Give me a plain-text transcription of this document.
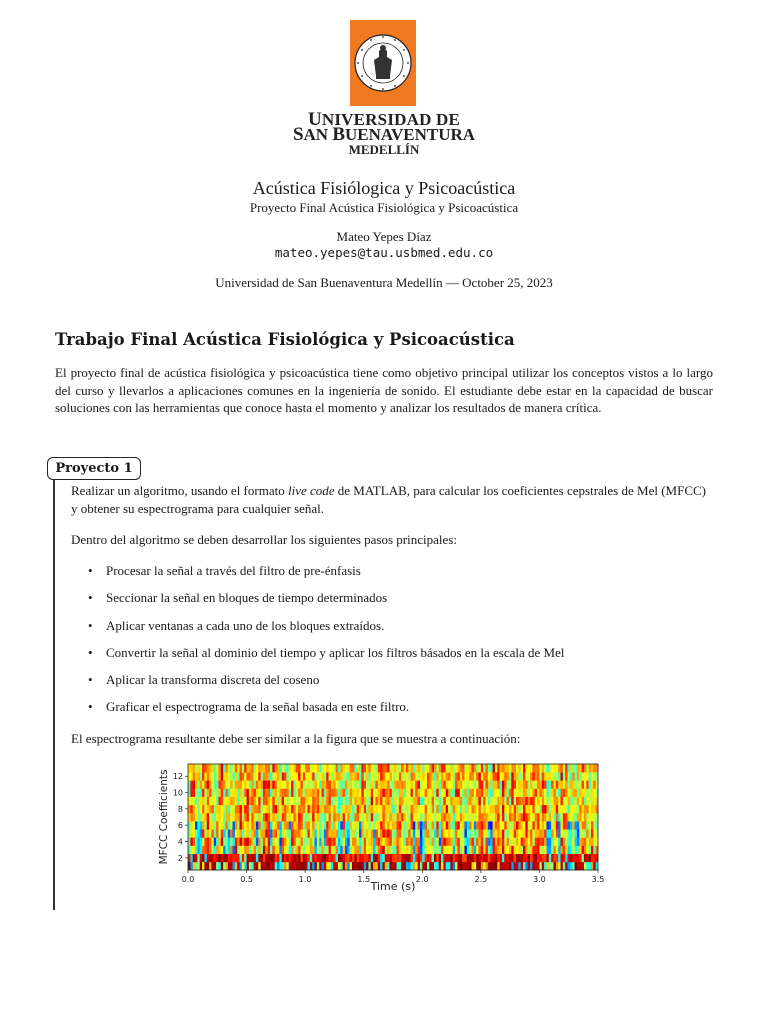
UNIVERSIDAD DE
SAN BUENAVENTURA
MEDELLÍN
Acústica Fisiólogica y Psicoacústica
Proyecto Final Acústica Fisiológica y Psicoacústica
Mateo Yepes Díaz
mateo.yepes@tau.usbmed.edu.co
Universidad de San Buenaventura Medellín — October 25, 2023
Trabajo Final Acústica Fisiológica y Psicoacústica
El proyecto final de acústica fisiológica y psicoacústica tiene como objetivo principal utilizar los conceptos vistos a lo largo del curso y llevarlos a aplicaciones comunes en la ingeniería de sonido. El estudiante debe estar en la capacidad de buscar soluciones con las herramientas que conoce hasta el momento y analizar los resultados de manera crítica.
Proyecto 1
Realizar un algoritmo, usando el formato live code de MATLAB, para calcular los coeficientes cepstrales de Mel (MFCC) y obtener su espectrograma para cualquier señal.
Dentro del algoritmo se deben desarrollar los siguientes pasos principales:
• Procesar la señal a través del filtro de pre-énfasis
• Seccionar la señal en bloques de tiempo determinados
• Aplicar ventanas a cada uno de los bloques extraídos.
• Convertir la señal al dominio del tiempo y aplicar los filtros básados en la escala de Mel
• Aplicar la transforma discreta del coseno
• Graficar el espectrograma de la señal basada en este filtro.
El espectrograma resultante debe ser similar a la figura que se muestra a continuación:
0.0	0.5	1.0	1.5	2.0	2.5	3.0	3.5
2
4
6
8
10
12
Time (s)
MFCC Coefficients
